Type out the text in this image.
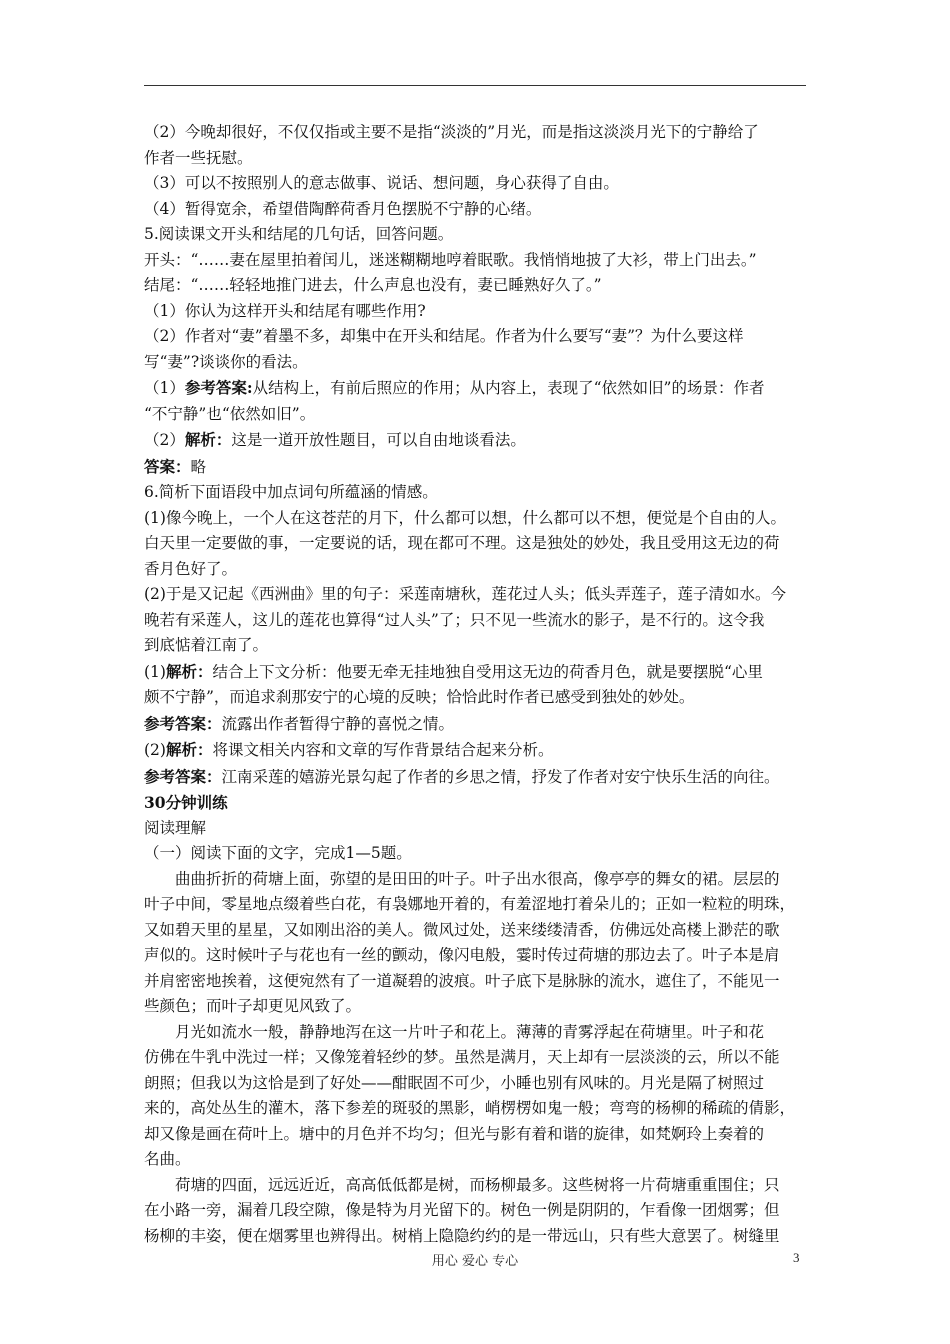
（2）今晚却很好，不仅仅指或主要不是指“淡淡的”月光，而是指这淡淡月光下的宁静给了

作者一些抚慰。

（3）可以不按照别人的意志做事、说话、想问题，身心获得了自由。

（4）暂得宽余，希望借陶醉荷香月色摆脱不宁静的心绪。

5.阅读课文开头和结尾的几句话，回答问题。

开头：“……妻在屋里拍着闰儿，迷迷糊糊地哼着眠歌。我悄悄地披了大衫，带上门出去。”

结尾：“……轻轻地推门进去，什么声息也没有，妻已睡熟好久了。”

（1）你认为这样开头和结尾有哪些作用?

（2）作者对“妻”着墨不多，却集中在开头和结尾。作者为什么要写“妻”？为什么要这样

写“妻”?谈谈你的看法。

（1）参考答案:从结构上，有前后照应的作用；从内容上，表现了“依然如旧”的场景：作者

“不宁静”也“依然如旧”。

（2）解析：这是一道开放性题目，可以自由地谈看法。

答案：略

6.简析下面语段中加点词句所蕴涵的情感。

(1)像今晚上，一个人在这苍茫的月下，什么都可以想，什么都可以不想，便觉是个自由的人。

白天里一定要做的事，一定要说的话，现在都可不理。这是独处的妙处，我且受用这无边的荷

香月色好了。

(2)于是又记起《西洲曲》里的句子：采莲南塘秋，莲花过人头；低头弄莲子，莲子清如水。今

晚若有采莲人，这儿的莲花也算得“过人头”了；只不见一些流水的影子，是不行的。这令我

到底惦着江南了。

(1)解析：结合上下文分析：他要无牵无挂地独自受用这无边的荷香月色，就是要摆脱“心里

颇不宁静”，而追求刹那安宁的心境的反映；恰恰此时作者已感受到独处的妙处。

参考答案：流露出作者暂得宁静的喜悦之情。

(2)解析：将课文相关内容和文章的写作背景结合起来分析。

参考答案：江南采莲的嬉游光景勾起了作者的乡思之情，抒发了作者对安宁快乐生活的向往。

30分钟训练

阅读理解

（一）阅读下面的文字，完成1—5题。

曲曲折折的荷塘上面，弥望的是田田的叶子。叶子出水很高，像亭亭的舞女的裙。层层的

叶子中间，零星地点缀着些白花，有袅娜地开着的，有羞涩地打着朵儿的；正如一粒粒的明珠，

又如碧天里的星星，又如刚出浴的美人。微风过处，送来缕缕清香，仿佛远处高楼上渺茫的歌

声似的。这时候叶子与花也有一丝的颤动，像闪电般，霎时传过荷塘的那边去了。叶子本是肩

并肩密密地挨着，这便宛然有了一道凝碧的波痕。叶子底下是脉脉的流水，遮住了，不能见一

些颜色；而叶子却更见风致了。

月光如流水一般，静静地泻在这一片叶子和花上。薄薄的青雾浮起在荷塘里。叶子和花

仿佛在牛乳中洗过一样；又像笼着轻纱的梦。虽然是满月，天上却有一层淡淡的云，所以不能

朗照；但我以为这恰是到了好处——酣眠固不可少，小睡也别有风味的。月光是隔了树照过

来的，高处丛生的灌木，落下参差的斑驳的黑影，峭楞楞如鬼一般；弯弯的杨柳的稀疏的倩影，

却又像是画在荷叶上。塘中的月色并不均匀；但光与影有着和谐的旋律，如梵婀玲上奏着的

名曲。

荷塘的四面，远远近近，高高低低都是树，而杨柳最多。这些树将一片荷塘重重围住；只

在小路一旁，漏着几段空隙，像是特为月光留下的。树色一例是阴阴的，乍看像一团烟雾；但

杨柳的丰姿，便在烟雾里也辨得出。树梢上隐隐约约的是一带远山，只有些大意罢了。树缝里

用心 爱心 专心	3
